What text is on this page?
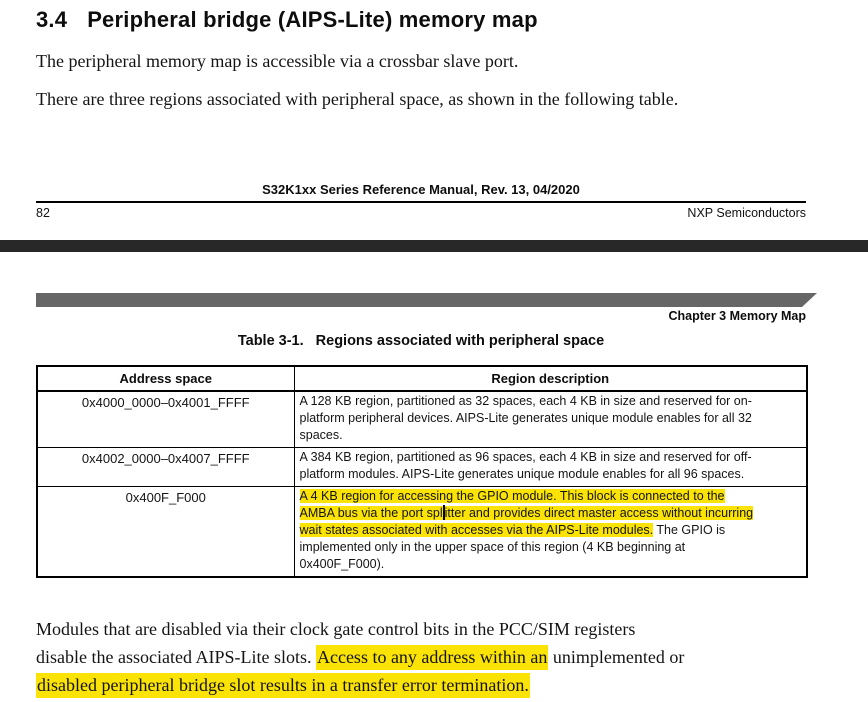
3.4 Peripheral bridge (AIPS-Lite) memory map

The peripheral memory map is accessible via a crossbar slave port.

There are three regions associated with peripheral space, as shown in the following table.

S32K1xx Series Reference Manual, Rev. 13, 04/2020
82	NXP Semiconductors
Chapter 3 Memory Map
Table 3-1. Regions associated with peripheral space
Address space	Region description
0x4000_0000–0x4001_FFFF	A 128 KB region, partitioned as 32 spaces, each 4 KB in size and reserved for on-
platform peripheral devices. AIPS-Lite generates unique module enables for all 32
spaces.

0x4002_0000–0x4007_FFFF	A 384 KB region, partitioned as 96 spaces, each 4 KB in size and reserved for off-
platform modules. AIPS-Lite generates unique module enables for all 96 spaces.

0x400F_F000	A 4 KB region for accessing the GPIO module. This block is connected to the
AMBA bus via the port spl itter and provides direct master access without incurring
wait states associated with accesses via the AIPS-Lite modules. The GPIO is
implemented only in the upper space of this region (4 KB beginning at
0x400F_F000).
Modules that are disabled via their clock gate control bits in the PCC/SIM registers
disable the associated AIPS-Lite slots. Access to any address within an unimplemented or
disabled peripheral bridge slot results in a transfer error termination.
